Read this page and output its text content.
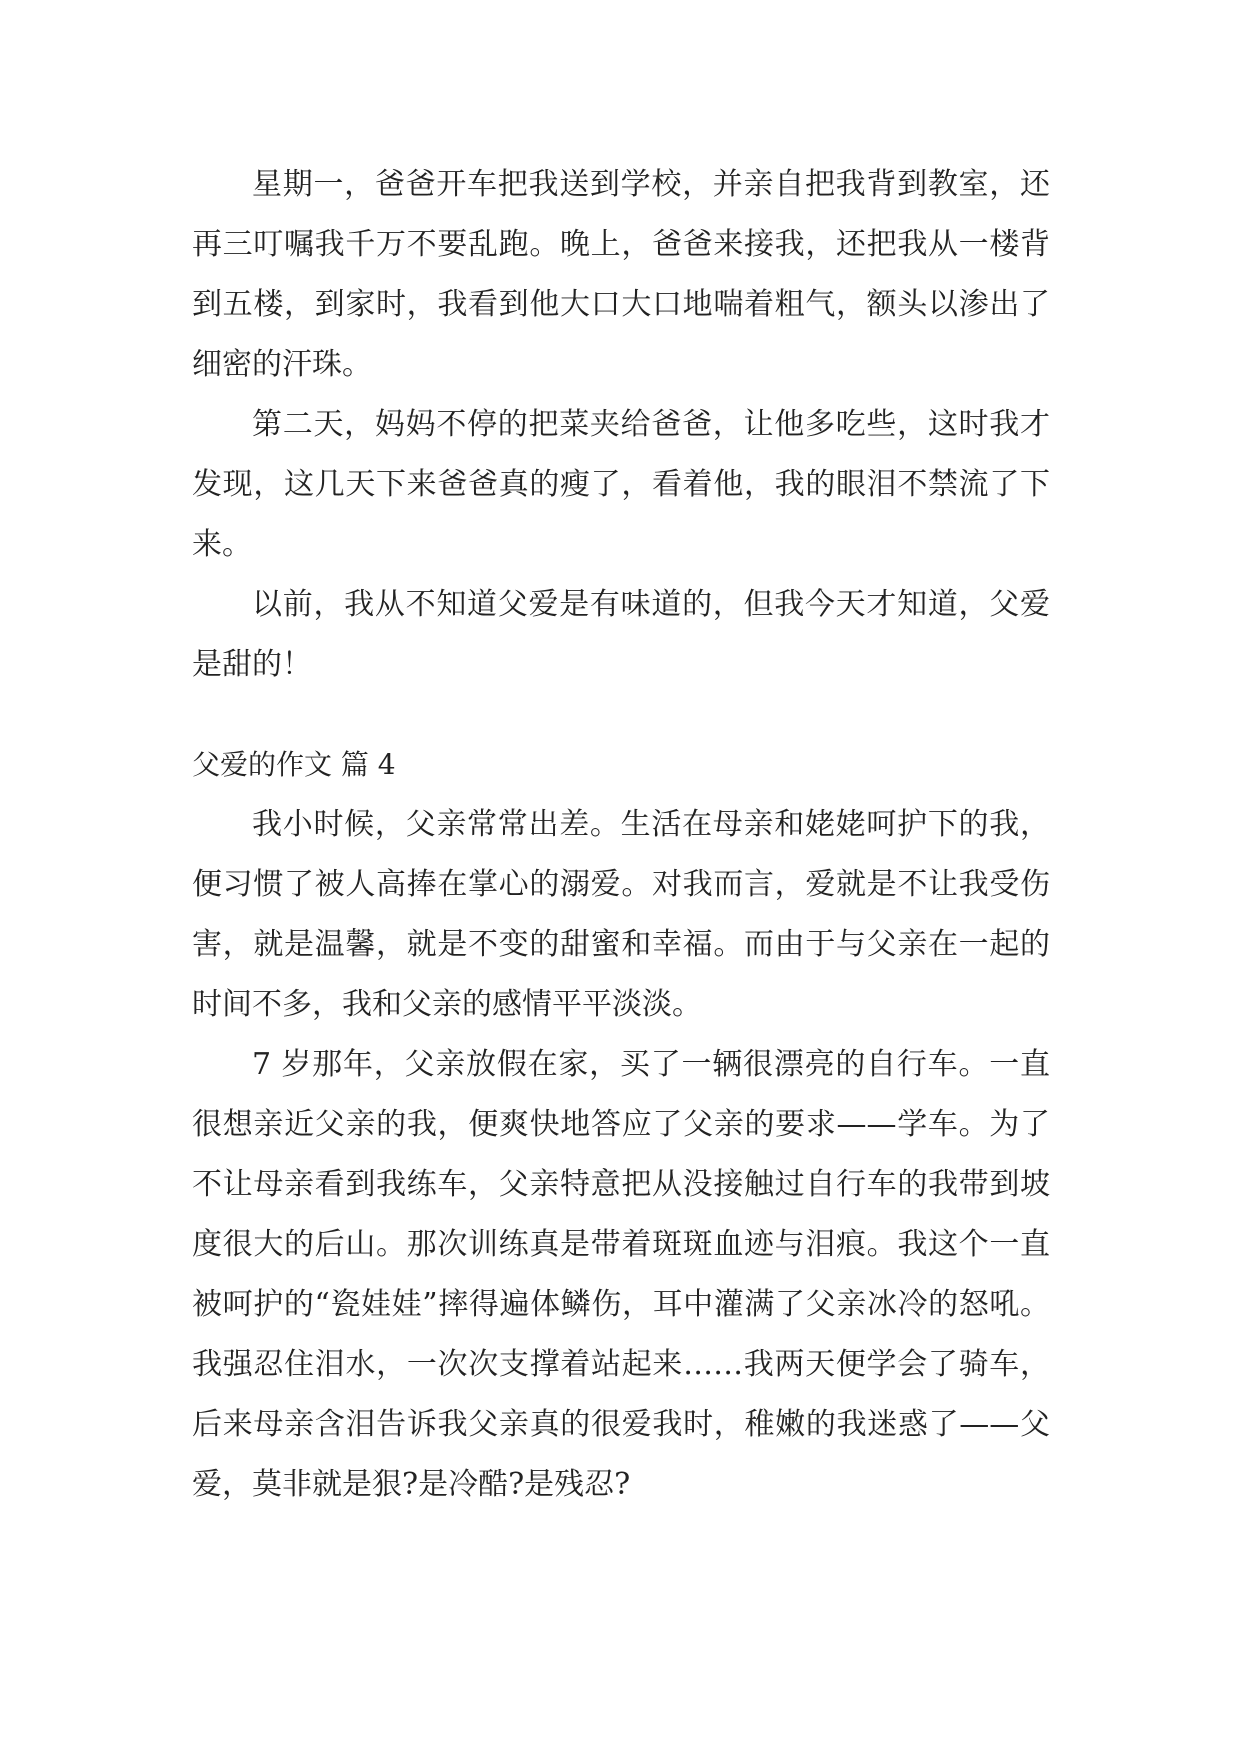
星期一，爸爸开车把我送到学校，并亲自把我背到教室，还再三叮嘱我千万不要乱跑。晚上，爸爸来接我，还把我从一楼背到五楼，到家时，我看到他大口大口地喘着粗气，额头以渗出了细密的汗珠。

第二天，妈妈不停的把菜夹给爸爸，让他多吃些，这时我才发现，这几天下来爸爸真的瘦了，看着他，我的眼泪不禁流了下来。

以前，我从不知道父爱是有味道的，但我今天才知道，父爱是甜的！

父爱的作文 篇 4

我小时候，父亲常常出差。生活在母亲和姥姥呵护下的我，便习惯了被人高捧在掌心的溺爱。对我而言，爱就是不让我受伤害，就是温馨，就是不变的甜蜜和幸福。而由于与父亲在一起的时间不多，我和父亲的感情平平淡淡。

7 岁那年，父亲放假在家，买了一辆很漂亮的自行车。一直很想亲近父亲的我，便爽快地答应了父亲的要求——学车。为了不让母亲看到我练车，父亲特意把从没接触过自行车的我带到坡度很大的后山。那次训练真是带着斑斑血迹与泪痕。我这个一直被呵护的“瓷娃娃”摔得遍体鳞伤，耳中灌满了父亲冰冷的怒吼。我强忍住泪水，一次次支撑着站起来……我两天便学会了骑车，后来母亲含泪告诉我父亲真的很爱我时，稚嫩的我迷惑了——父爱，莫非就是狠?是冷酷?是残忍?
